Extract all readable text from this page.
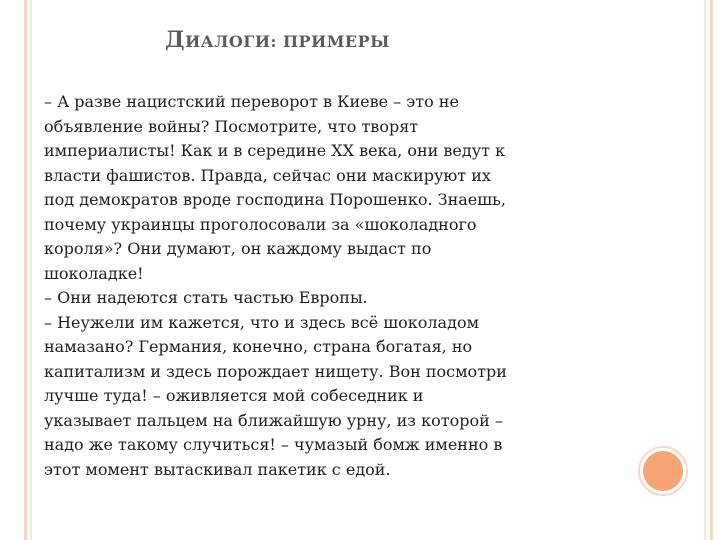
ДИАЛОГИ: ПРИМЕРЫ
– А разве нацистский переворот в Киеве – это не
объявление войны? Посмотрите, что творят
империалисты! Как и в середине XX века, они ведут к
власти фашистов. Правда, сейчас они маскируют их
под демократов вроде господина Порошенко. Знаешь,
почему украинцы проголосовали за «шоколадного
короля»? Они думают, он каждому выдаст по
шоколадке!
– Они надеются стать частью Европы.
– Неужели им кажется, что и здесь всё шоколадом
намазано? Германия, конечно, страна богатая, но
капитализм и здесь порождает нищету. Вон посмотри
лучше туда! – оживляется мой собеседник и
указывает пальцем на ближайшую урну, из которой –
надо же такому случиться! – чумазый бомж именно в
этот момент вытаскивал пакетик с едой.
